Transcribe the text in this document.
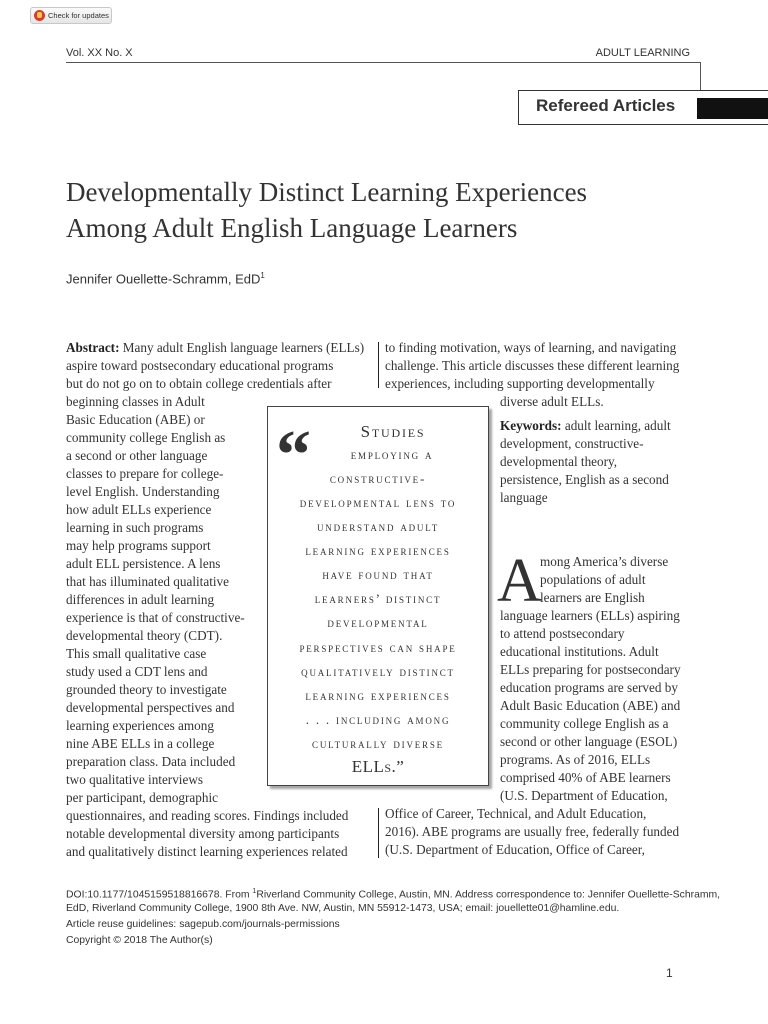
Check for updates
Vol. XX No. X	ADULT LEARNING
Refereed Articles
Developmentally Distinct Learning Experiences
Among Adult English Language Learners
Jennifer Ouellette-Schramm, EdD$^1$
Abstract: Many adult English language learners (ELLs)
aspire toward postsecondary educational programs
but do not go on to obtain college credentials after
beginning classes in Adult
Basic Education (ABE) or
community college English as
a second or other language
classes to prepare for college-
level English. Understanding
how adult ELLs experience
learning in such programs
may help programs support
adult ELL persistence. A lens
that has illuminated qualitative
differences in adult learning
experience is that of constructive-
developmental theory (CDT).
This small qualitative case
study used a CDT lens and
grounded theory to investigate
developmental perspectives and
learning experiences among
nine ABE ELLs in a college
preparation class. Data included
two qualitative interviews
per participant, demographic
questionnaires, and reading scores. Findings included
notable developmental diversity among participants
and qualitatively distinct learning experiences related
to finding motivation, ways of learning, and navigating
challenge. This article discusses these different learning
experiences, including supporting developmentally
diverse adult ELLs.
Keywords: adult learning, adult
development, constructive-
developmental theory,
persistence, English as a second
language
A
mong America’s diverse
populations of adult
learners are English
language learners (ELLs) aspiring
to attend postsecondary
educational institutions. Adult
ELLs preparing for postsecondary
education programs are served by
Adult Basic Education (ABE) and
community college English as a
second or other language (ESOL)
programs. As of 2016, ELLs
comprised 40% of ABE learners
(U.S. Department of Education,
Office of Career, Technical, and Adult Education,
2016). ABE programs are usually free, federally funded
(U.S. Department of Education, Office of Career,
“	Studies
employing a
constructive-
developmental lens to
understand adult
learning experiences
have found that
learners’ distinct
developmental
perspectives can shape
qualitatively distinct
learning experiences
. . . including among
culturally diverse
ELLs.”
DOI:10.1177/1045159518816678. From $^1$Riverland Community College, Austin, MN. Address correspondence to: Jennifer Ouellette-Schramm,
EdD, Riverland Community College, 1900 8th Ave. NW, Austin, MN 55912-1473, USA; email: jouellette01@hamline.edu.
Article reuse guidelines: sagepub.com/journals-permissions
Copyright © 2018 The Author(s)
1
